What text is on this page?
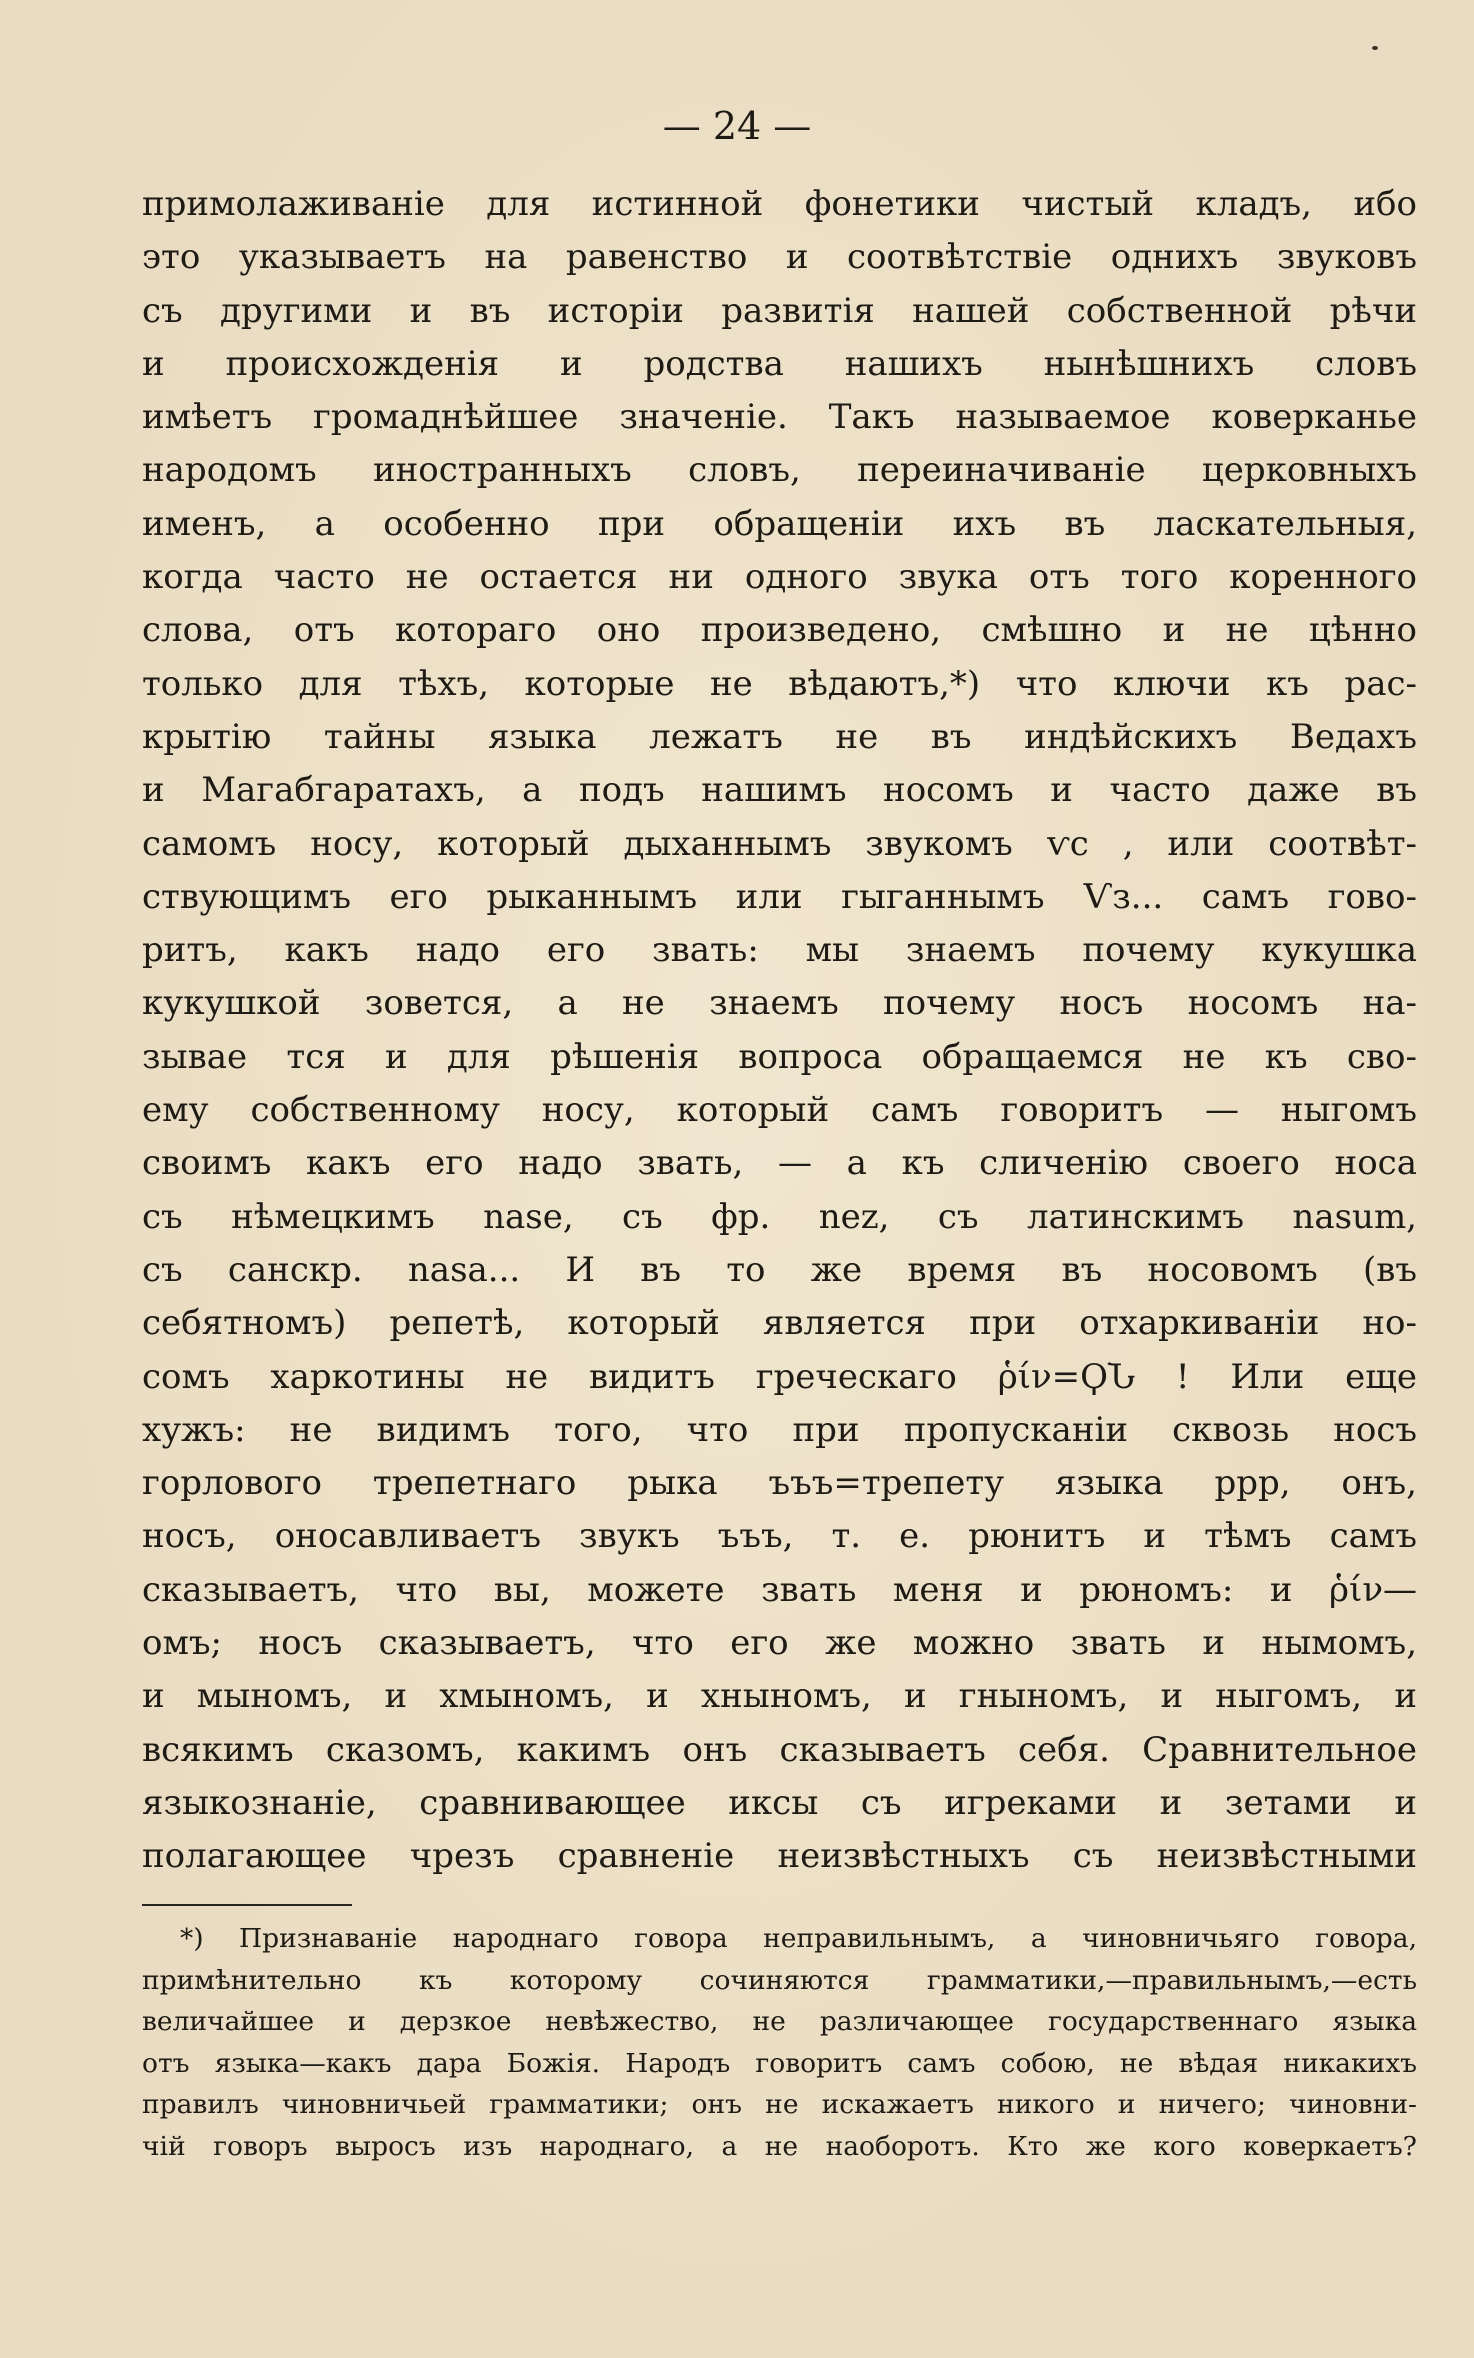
— 24 —
примолаживаніе для истинной фонетики чистый кладъ, ибо
это указываетъ на равенство и соотвѣтствіе однихъ звуковъ
съ другими и въ исторіи развитія нашей собственной рѣчи
и происхожденія и родства нашихъ нынѣшнихъ словъ
имѣетъ громаднѣйшее значеніе. Такъ называемое коверканье
народомъ иностранныхъ словъ, переиначиваніе церковныхъ
именъ, а особенно при обращеніи ихъ въ ласкательныя,
когда часто не остается ни одного звука отъ того коренного
слова, отъ котораго оно произведено, смѣшно и не цѣнно
только для тѣхъ, которые не вѣдаютъ,*) что ключи къ рас-
крытію тайны языка лежатъ не въ индѣйскихъ Ведахъ
и Магабгаратахъ, а подъ нашимъ носомъ и часто даже въ
самомъ носу, который дыханнымъ звукомъ ѵс , или соотвѣт-
ствующимъ его рыканнымъ или гыганнымъ Ѵз... самъ гово-
ритъ, какъ надо его звать: мы знаемъ почему кукушка
кукушкой зовется, а не знаемъ почему носъ носомъ на-
зывае тся и для рѣшенія вопроса обращаемся не къ сво-
ему собственному носу, который самъ говоритъ — ныгомъ
своимъ какъ его надо звать, — а къ сличенію своего носа
съ нѣмецкимъ nase, съ фр. nez, съ латинскимъ nasum,
съ санскр. nasa... И въ то же время въ носовомъ (въ
себятномъ) репетѣ, который является при отхаркиваніи но-
сомъ харкотины не видитъ греческаго ῥίν=ϘՆ ! Или еще
хужъ: не видимъ того, что при пропусканіи сквозь носъ
горлового трепетнаго рыка ъъъ=трепету языка ррр, онъ,
носъ, оносавливаетъ звукъ ъъъ, т. е. рюнитъ и тѣмъ самъ
сказываетъ, что вы, можете звать меня и рюномъ: и ῥίν—
омъ; носъ сказываетъ, что его же можно звать и нымомъ,
и мыномъ, и хмыномъ, и хныномъ, и гныномъ, и ныгомъ, и
всякимъ сказомъ, какимъ онъ сказываетъ себя. Сравнительное
языкознаніе, сравнивающее иксы съ игреками и зетами и
полагающее чрезъ сравненіе неизвѣстныхъ съ неизвѣстными
*) Признаваніе народнаго говора неправильнымъ, а чиновничьяго говора,
примѣнительно къ которому сочиняются грамматики,—правильнымъ,—есть
величайшее и дерзкое невѣжество, не различающее государственнаго языка
отъ языка—какъ дара Божія. Народъ говоритъ самъ собою, не вѣдая никакихъ
правилъ чиновничьей грамматики; онъ не искажаетъ никого и ничего; чиновни-
чій говоръ выросъ изъ народнаго, а не наоборотъ. Кто же кого коверкаетъ?
